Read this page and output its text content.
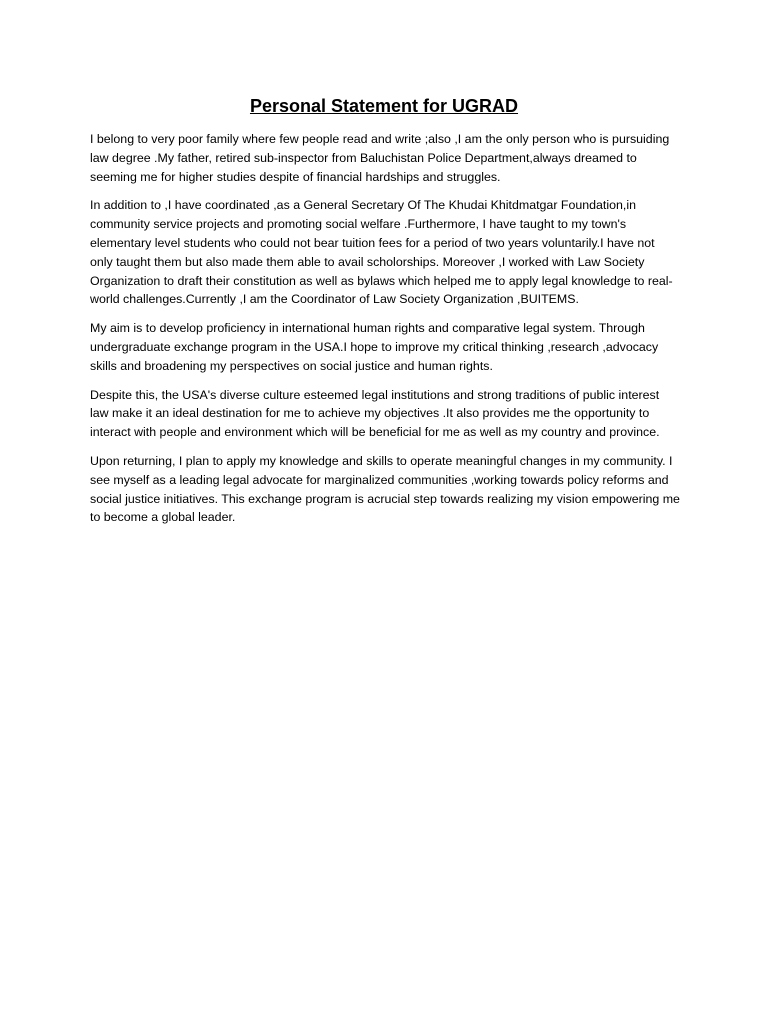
Personal Statement for UGRAD

I belong to very poor family where few people read and write ;also ,I am the only person who is pursuiding law degree .My father, retired sub-inspector from Baluchistan Police Department,always dreamed to seeming me for higher studies despite of financial hardships and struggles.

In addition to ,I have coordinated ,as a General Secretary Of The Khudai Khitdmatgar Foundation,in community service projects and promoting social welfare .Furthermore, I have taught to my town's elementary level students who could not bear tuition fees for a period of two years voluntarily.I have not only taught them but also made them able to avail scholorships. Moreover ,I worked with Law Society Organization to draft their constitution as well as bylaws which helped me to apply legal knowledge to real-world challenges.Currently ,I am the Coordinator of Law Society Organization ,BUITEMS.

My aim is to develop proficiency in international human rights and comparative legal system. Through undergraduate exchange program in the USA.I hope to improve my critical thinking ,research ,advocacy skills and broadening my perspectives on social justice and human rights.

Despite this, the USA's diverse culture esteemed legal institutions and strong traditions of public interest law make it an ideal destination for me to achieve my objectives .It also provides me the opportunity to interact with people and environment which will be beneficial for me as well as my country and province.

Upon returning, I plan to apply my knowledge and skills to operate meaningful changes in my community. I see myself as a leading legal advocate for marginalized communities ,working towards policy reforms and social justice initiatives. This exchange program is acrucial step towards realizing my vision empowering me to become a global leader.
